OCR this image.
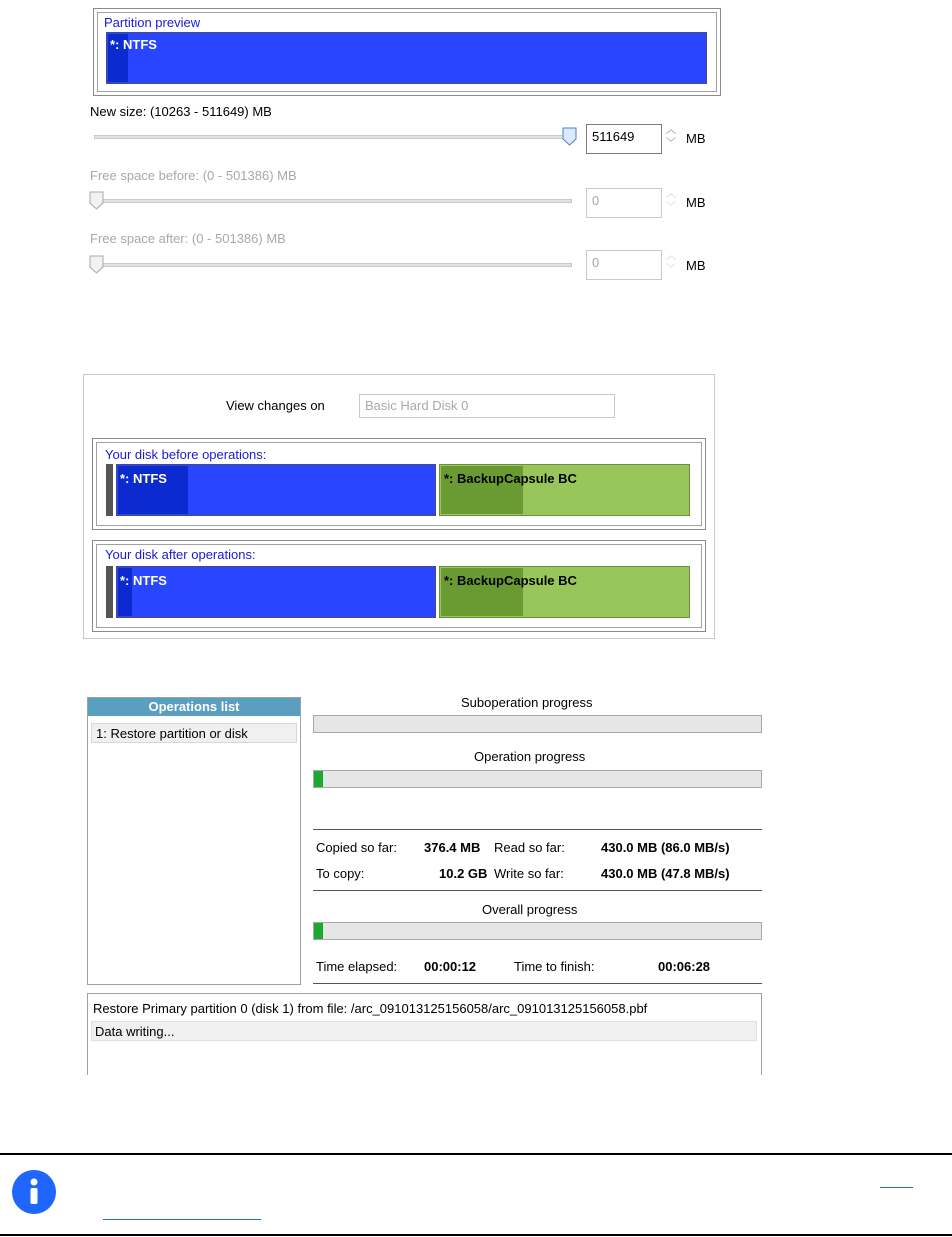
Partition preview
*: NTFS
New size: (10263 - 511649) MB
511649	︿
﹀ MB
Free space before: (0 - 501386) MB
0	︿
﹀ MB
Free space after: (0 - 501386) MB
0	︿
﹀ MB
View changes on	Basic Hard Disk 0
Your disk before operations:
*: NTFS	*: BackupCapsule BC
Your disk after operations:
*: NTFS	*: BackupCapsule BC
Operations list
1: Restore partition or disk
Suboperation progress
Operation progress
Copied so far: 376.4 MB Read so far:	430.0 MB (86.0 MB/s)
To copy:	10.2 GB Write so far:	430.0 MB (47.8 MB/s)
Overall progress
Time elapsed: 00:00:12	Time to finish:	00:06:28
Restore Primary partition 0 (disk 1) from file: /arc_091013125156058/arc_091013125156058.pbf
Data writing...
